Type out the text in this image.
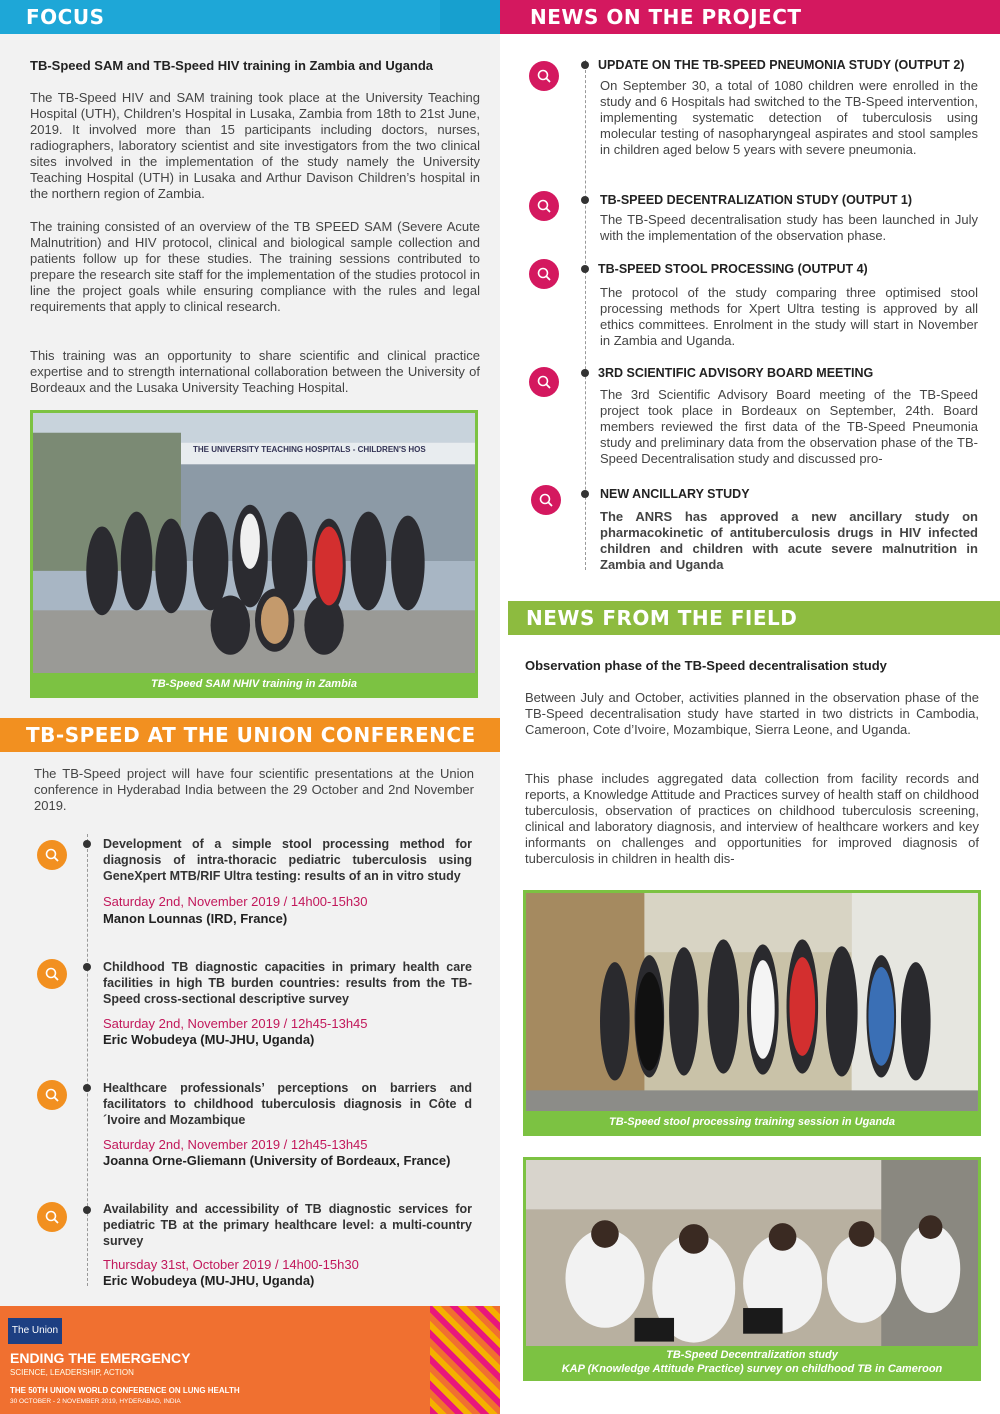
FOCUS
TB-Speed SAM and TB-Speed HIV training in Zambia and Uganda
The TB-Speed HIV and SAM training took place at the University Teaching Hospital (UTH), Children’s Hospital in Lusaka, Zambia from 18th to 21st June, 2019. It involved more than 15 participants including doctors, nurses, radiographers, laboratory scientist and site investigators from the two clinical sites involved in the implementation of the study namely the University Teaching Hospital (UTH) in Lusaka and Arthur Davison Children’s hospital in the northern region of Zambia.
The training consisted of an overview of the TB SPEED SAM (Severe Acute Malnutrition) and HIV protocol, clinical and biological sample collection and patients follow up for these studies. The training sessions contributed to prepare the research site staff for the implementation of the studies protocol in line the project goals while ensuring compliance with the rules and legal requirements that apply to clinical research.
This training was an opportunity to share scientific and clinical practice expertise and to strength international collaboration between the University of Bordeaux and the Lusaka University Teaching Hospital.
THE UNIVERSITY TEACHING HOSPITALS - CHILDREN'S HOS
TB-Speed SAM NHIV training in Zambia
NEWS ON THE PROJECT
UPDATE ON THE TB-SPEED PNEUMONIA STUDY (OUTPUT 2)
On September 30, a total of 1080 children were enrolled in the study and 6 Hospitals had switched to the TB-Speed intervention, implementing systematic detection of tuberculosis using molecular testing of nasopharyngeal aspirates and stool samples in children aged below 5 years with severe pneumonia.
TB-SPEED DECENTRALIZATION STUDY (OUTPUT 1)
The TB-Speed decentralisation study has been launched in July with the implementation of the observation phase.
TB-SPEED STOOL PROCESSING (OUTPUT 4)
The protocol of the study comparing three optimised stool processing methods for Xpert Ultra testing is approved by all ethics committees. Enrolment in the study will start in November in Zambia and Uganda.
3RD SCIENTIFIC ADVISORY BOARD MEETING
The 3rd Scientific Advisory Board meeting of the TB-Speed project took place in Bordeaux on September, 24th. Board members reviewed the first data of the TB-Speed Pneumonia study and preliminary data from the observation phase of the TB-Speed Decentralisation study and discussed pro-
NEW ANCILLARY STUDY
The ANRS has approved a new ancillary study on pharmacokinetic of antituberculosis drugs in HIV infected children and children with acute severe malnutrition in Zambia and Uganda
NEWS FROM THE FIELD
Observation phase of the TB-Speed decentralisation study
Between July and October, activities planned in the observation phase of the TB-Speed decentralisation study have started in two districts in Cambodia, Cameroon, Cote d’Ivoire, Mozambique, Sierra Leone, and Uganda.
This phase includes aggregated data collection from facility records and reports, a Knowledge Attitude and Practices survey of health staff on childhood tuberculosis, observation of practices on childhood tuberculosis screening, clinical and laboratory diagnosis, and interview of healthcare workers and key informants on challenges and opportunities for improved diagnosis of tuberculosis in children in health dis-
TB-Speed stool processing training session in Uganda
TB-Speed Decentralization study
KAP (Knowledge Attitude Practice) survey on childhood TB in Cameroon
TB-SPEED AT THE UNION CONFERENCE
The TB-Speed project will have four scientific presentations at the Union conference in Hyderabad India between the 29 October and 2nd November 2019.
Development of a simple stool processing method for diagnosis of intra-thoracic pediatric tuberculosis using GeneXpert MTB/RIF Ultra testing: results of an in vitro study
Saturday 2nd, November 2019 / 14h00-15h30
Manon Lounnas (IRD, France)
Childhood TB diagnostic capacities in primary health care facilities in high TB burden countries: results from the TB-Speed cross-sectional descriptive survey
Saturday 2nd, November 2019 / 12h45-13h45
Eric Wobudeya (MU-JHU, Uganda)
Healthcare professionals’ perceptions on barriers and facilitators to childhood tuberculosis diagnosis in Côte d´Ivoire and Mozambique
Saturday 2nd, November 2019 / 12h45-13h45
Joanna Orne-Gliemann (University of Bordeaux, France)
Availability and accessibility of TB diagnostic services for pediatric TB at the primary healthcare level: a multi-country survey
Thursday 31st, October 2019 / 14h00-15h30
Eric Wobudeya (MU-JHU, Uganda)
The Union
ENDING THE EMERGENCY
SCIENCE, LEADERSHIP, ACTION
THE 50TH UNION WORLD CONFERENCE ON LUNG HEALTH
30 OCTOBER - 2 NOVEMBER 2019, HYDERABAD, INDIA
